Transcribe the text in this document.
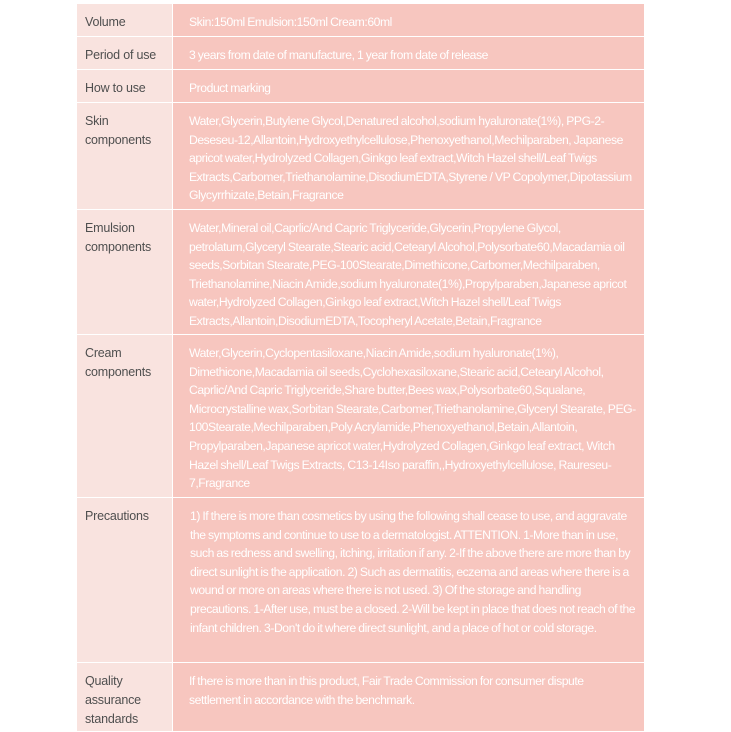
Volume	Skin:150ml Emulsion:150ml Cream:60ml

Period of use	3 years from date of manufacture, 1 year from date of release

How to use	Product marking

Skin components	Water,Glycerin,Butylene Glycol,Denatured alcohol,sodium hyaluronate(1%), PPG-2-Deseseu-12,Allantoin,Hydroxyethylcellulose,Phenoxyethanol,Mechilparaben, Japanese apricot water,Hydrolyzed Collagen,Ginkgo leaf extract,Witch Hazel shell/Leaf Twigs Extracts,Carbomer,Triethanolamine,DisodiumEDTA,Styrene / VP Copolymer,Dipotassium Glycyrrhizate,Betain,Fragrance

Emulsion components	Water,Mineral oil,Caprlic/And Capric Triglyceride,Glycerin,Propylene Glycol, petrolatum,Glyceryl Stearate,Stearic acid,Cetearyl Alcohol,Polysorbate60,Macadamia oil seeds,Sorbitan Stearate,PEG-100Stearate,Dimethicone,Carbomer,Mechilparaben, Triethanolamine,Niacin Amide,sodium hyaluronate(1%),Propylparaben,Japanese apricot water,Hydrolyzed Collagen,Ginkgo leaf extract,Witch Hazel shell/Leaf Twigs Extracts,Allantoin,DisodiumEDTA,Tocopheryl Acetate,Betain,Fragrance

Cream components	Water,Glycerin,Cyclopentasiloxane,Niacin Amide,sodium hyaluronate(1%), Dimethicone,Macadamia oil seeds,Cyclohexasiloxane,Stearic acid,Cetearyl Alcohol, Caprlic/And Capric Triglyceride,Share butter,Bees wax,Polysorbate60,Squalane, Microcrystalline wax,Sorbitan Stearate,Carbomer,Triethanolamine,Glyceryl Stearate, PEG-100Stearate,Mechilparaben,Poly Acrylamide,Phenoxyethanol,Betain,Allantoin, Propylparaben,Japanese apricot water,Hydrolyzed Collagen,Ginkgo leaf extract, Witch Hazel shell/Leaf Twigs Extracts, C13-14Iso paraffin,,Hydroxyethylcellulose, Raureseu-7,Fragrance

Precautions	1) If there is more than cosmetics by using the following shall cease to use, and aggravate the symptoms and continue to use to a dermatologist. ATTENTION. 1-More than in use, such as redness and swelling, itching, irritation if any. 2-If the above there are more than by direct sunlight is the application. 2) Such as dermatitis, eczema and areas where there is a wound or more on areas where there is not used. 3) Of the storage and handling precautions. 1-After use, must be a closed. 2-Will be kept in place that does not reach of the infant children. 3-Don't do it where direct sunlight, and a place of hot or cold storage.

Quality assurance standards	If there is more than in this product, Fair Trade Commission for consumer dispute settlement in accordance with the benchmark.
